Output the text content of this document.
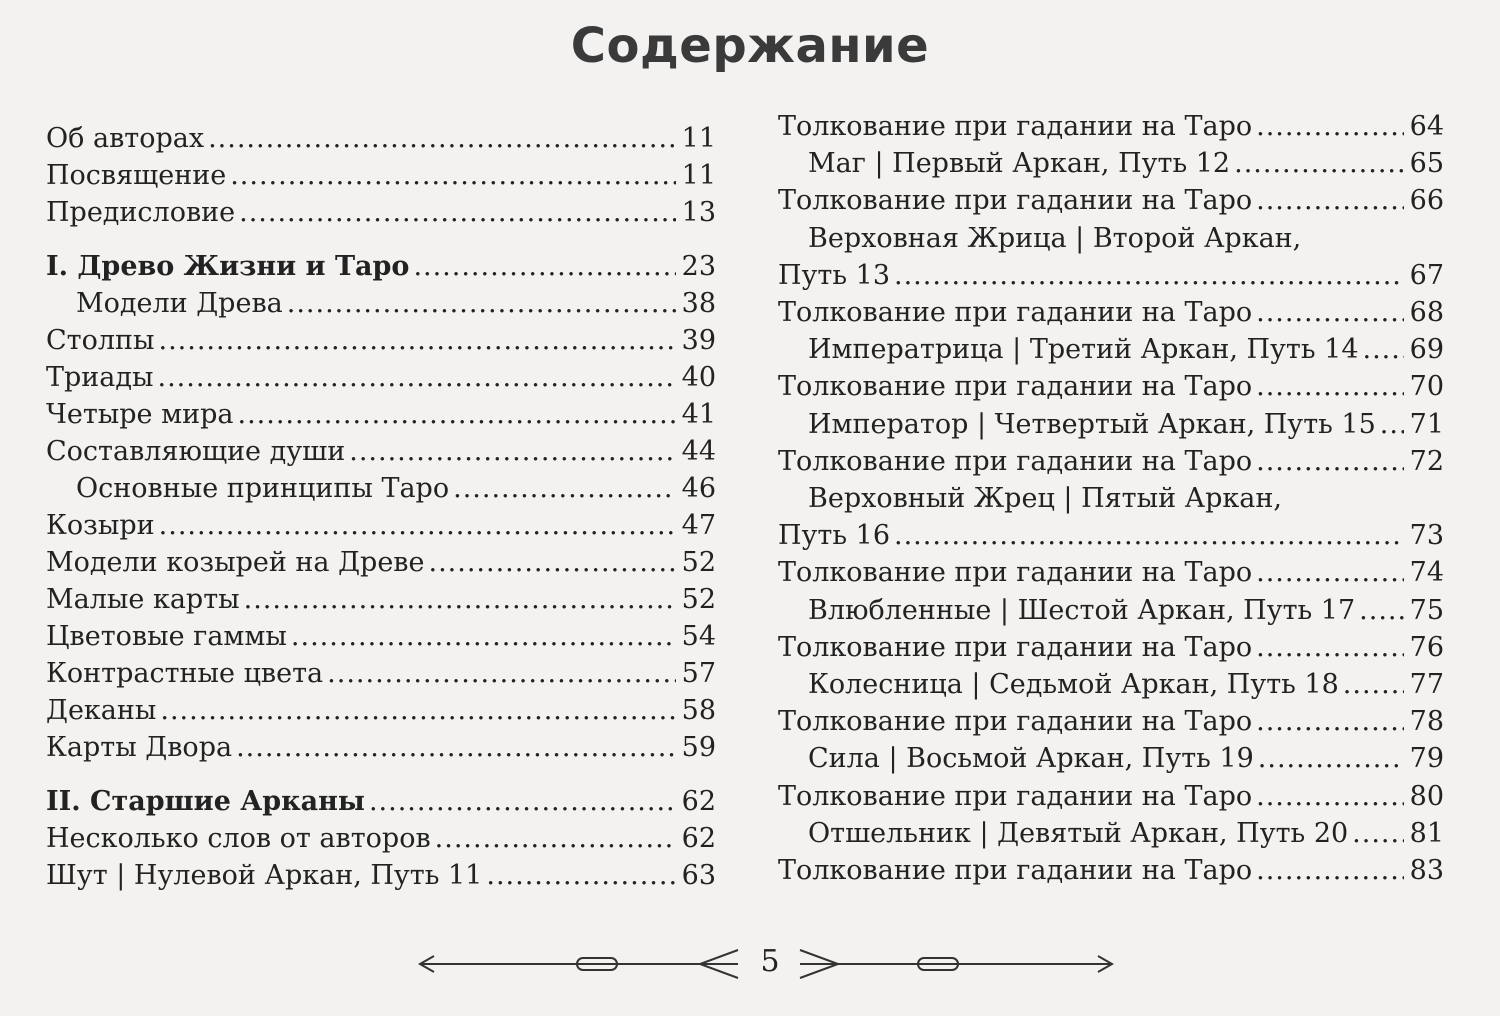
Содержание
Об авторах .....	11
Посвящение .....	11
Предисловие .....	13
I. Древо Жизни и Таро .....	23
Модели Древа .....	38
Столпы .....	39
Триады .....	40
Четыре мира .....	41
Составляющие души .....	44
Основные принципы Таро .....	46
Козыри .....	47
Модели козырей на Древе .....	52
Малые карты .....	52
Цветовые гаммы .....	54
Контрастные цвета .....	57
Деканы .....	58
Карты Двора .....	59
II. Старшие Арканы .....	62
Несколько слов от авторов .....	62
Шут | Нулевой Аркан, Путь 11 .....	63
Толкование при гадании на Таро .....	64
Маг | Первый Аркан, Путь 12 .....	65
Толкование при гадании на Таро .....	66
Верховная Жрица | Второй Аркан,
Путь 13 .....	67
Толкование при гадании на Таро .....	68
Императрица | Третий Аркан, Путь 14 ..... 69
Толкование при гадании на Таро .....	70
Император | Четвертый Аркан, Путь 15 ..... 71
Толкование при гадании на Таро .....	72
Верховный Жрец | Пятый Аркан,
Путь 16 .....	73
Толкование при гадании на Таро .....	74
Влюбленные | Шестой Аркан, Путь 17 ..... 75
Толкование при гадании на Таро .....	76
Колесница | Седьмой Аркан, Путь 18 .....	77
Толкование при гадании на Таро .....	78
Сила | Восьмой Аркан, Путь 19 .....	79
Толкование при гадании на Таро .....	80
Отшельник | Девятый Аркан, Путь 20 ..... 81
Толкование при гадании на Таро .....	83
5
